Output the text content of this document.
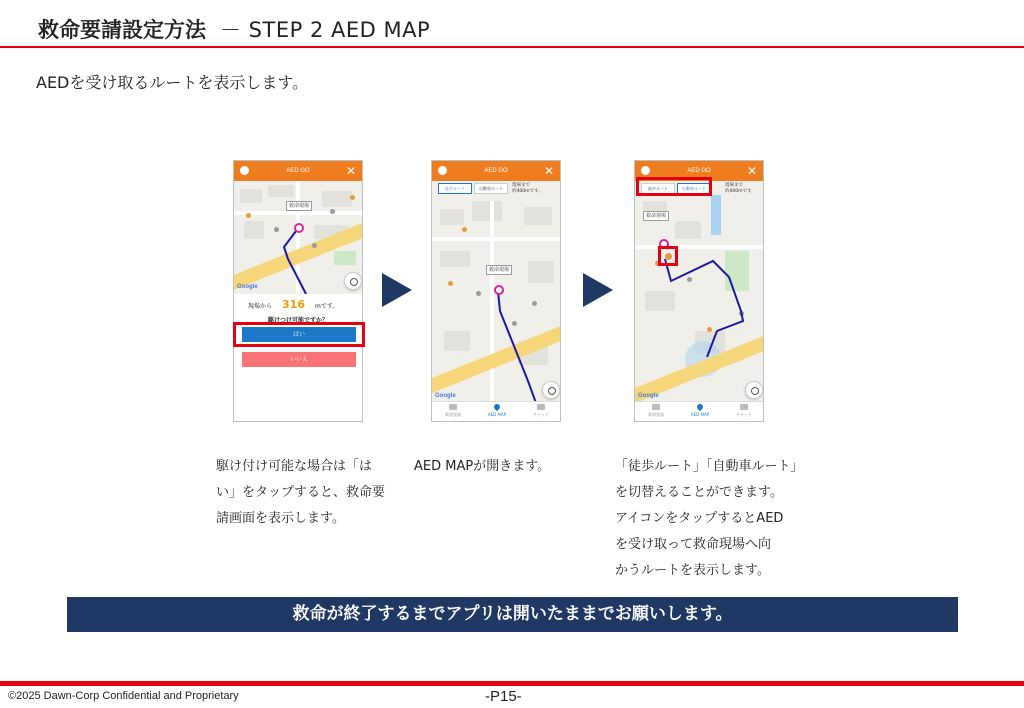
救命要請設定方法 － STEP 2 AED MAP
AEDを受け取るルートを表示します。
AED GO	✕
救命現場
Google
現場から 316 mです。
駆けつけ可能ですか？
はい
いいえ
AED GO	✕
徒歩ルート	自動車ルート
現場まで
約400mです。
救命現場
Google
救命要請	AED MAP	チャット
AED GO	✕
徒歩ルート	自動車ルート
現場まで
約400mです。
救命現場
Google
救命要請	AED MAP	チャット
駆け付け可能な場合は「は
い」をタップすると、救命要
請画面を表示します。
AED MAPが開きます。	「徒歩ルート」「自動車ルート」
を切替えることができます。
アイコンをタップするとAED
を受け取って救命現場へ向
かうルートを表示します。
救命が終了するまでアプリは開いたままでお願いします。
©2025 Dawn-Corp Confidential and Proprietary	-P15-
